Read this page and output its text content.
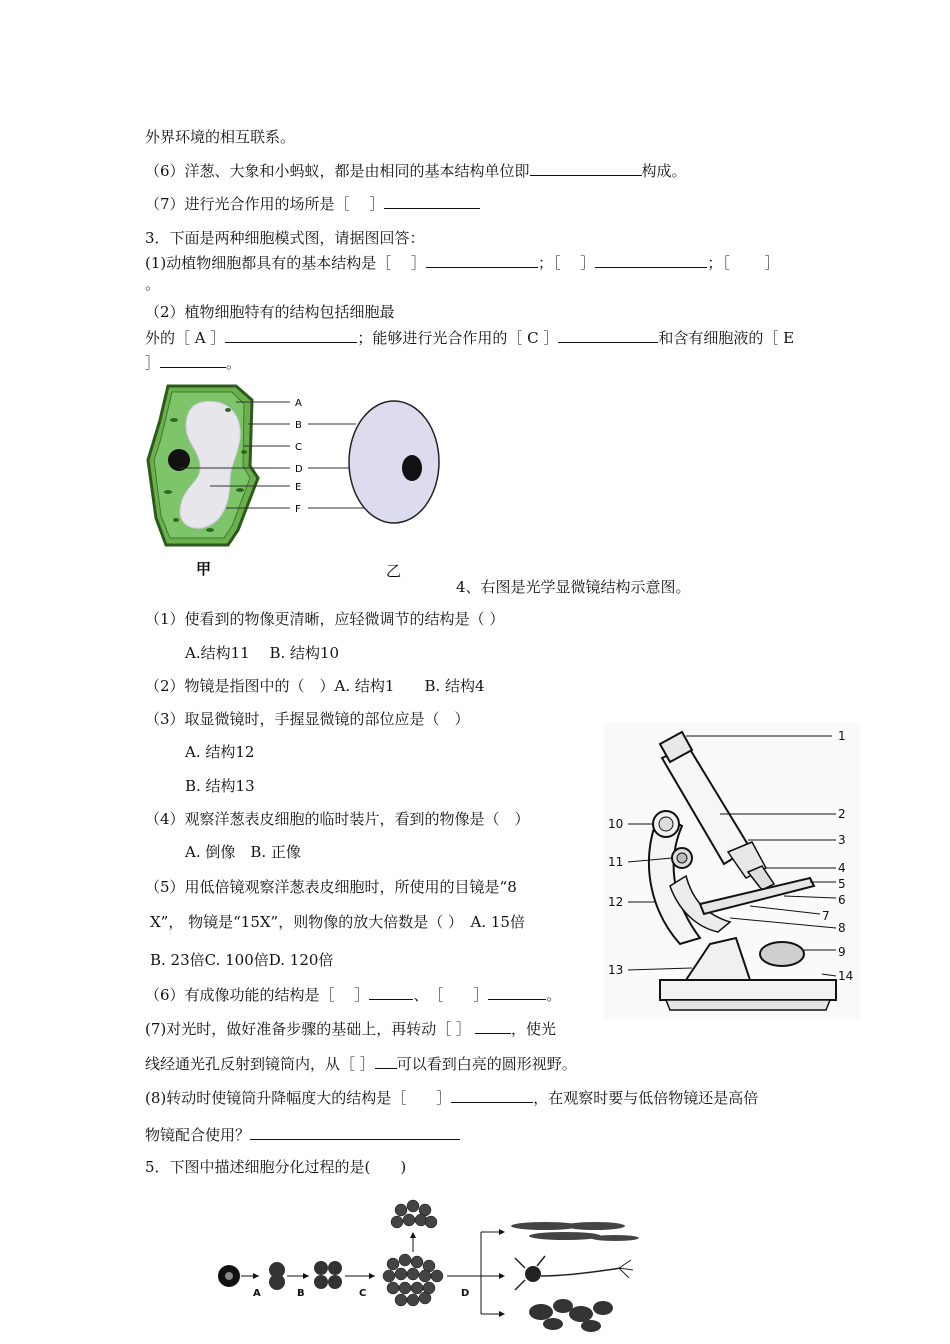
外界环境的相互联系。
（6）洋葱、大象和小蚂蚁，都是由相同的基本结构单位即	构成。
（7）进行光合作用的场所是［　 ］
3．下面是两种细胞模式图，请据图回答：
(1)动植物细胞都具有的基本结构是［　 ］	；［　 ］	；［　　 ］
。
（2）植物细胞特有的结构包括细胞最
外的［ A ］	；能够进行光合作用的［ C ］	和含有细胞液的［ E
］	。
A
B
C
D
E
F
甲	乙
4、右图是光学显微镜结构示意图。
（1）使看到的物像更清晰，应轻微调节的结构是（ ）
A.结构11　 B. 结构10
（2）物镜是指图中的（　）A. 结构1　　B. 结构4
（3）取显微镜时，手握显微镜的部位应是（　）
A. 结构12
B. 结构13
（4）观察洋葱表皮细胞的临时装片，看到的物像是（　）
A. 倒像　B. 正像
（5）用低倍镜观察洋葱表皮细胞时，所使用的目镜是“8
X”， 物镜是“15X”，则物像的放大倍数是（ ）　A. 15倍
B. 23倍C. 100倍D. 120倍
（6）有成像功能的结构是［　 ］	、　［　　］	。
(7)对光时，做好准备步骤的基础上，再转动［ ］	，使光
线经通光孔反射到镜筒内，从［ ］ 可以看到白亮的圆形视野。
(8)转动时使镜筒升降幅度大的结构是［　　］	，在观察时要与低倍物镜还是高倍
物镜配合使用？
1
2
3
4
5
6
7
8
9
10
11
12
13	14
5．下图中描述细胞分化过程的是(　　)
A	B	C	D
